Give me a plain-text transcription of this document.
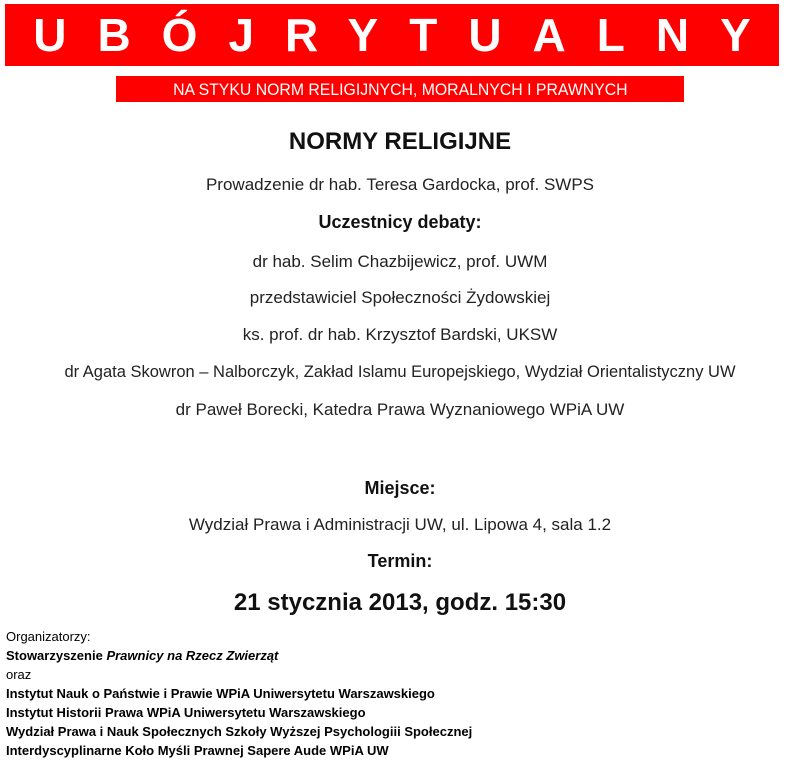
UBÓJRYTUALNY
NA STYKU NORM RELIGIJNYCH, MORALNYCH I PRAWNYCH
NORMY RELIGIJNE
Prowadzenie dr hab. Teresa Gardocka, prof. SWPS
Uczestnicy debaty:
dr hab. Selim Chazbijewicz, prof. UWM
przedstawiciel Społeczności Żydowskiej
ks. prof. dr hab. Krzysztof Bardski, UKSW
dr Agata Skowron – Nalborczyk, Zakład Islamu Europejskiego, Wydział Orientalistyczny UW
dr Paweł Borecki, Katedra Prawa Wyznaniowego WPiA UW
Miejsce:
Wydział Prawa i Administracji UW, ul. Lipowa 4, sala 1.2
Termin:
21 stycznia 2013, godz. 15:30
Organizatorzy:
Stowarzyszenie Prawnicy na Rzecz Zwierząt
oraz
Instytut Nauk o Państwie i Prawie WPiA Uniwersytetu Warszawskiego
Instytut Historii Prawa WPiA Uniwersytetu Warszawskiego
Wydział Prawa i Nauk Społecznych Szkoły Wyższej Psychologiii Społecznej
Interdyscyplinarne Koło Myśli Prawnej Sapere Aude WPiA UW
